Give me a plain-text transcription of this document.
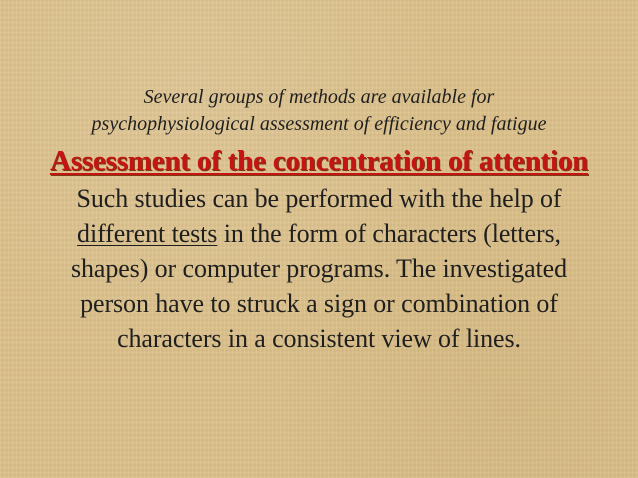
Several groups of methods are available for
psychophysiological assessment of efficiency and fatigue

Assessment of the concentration of attention

Such studies can be performed with the help of
different tests in the form of characters (letters,
shapes) or computer programs. The investigated
person have to struck a sign or combination of
characters in a consistent view of lines.
